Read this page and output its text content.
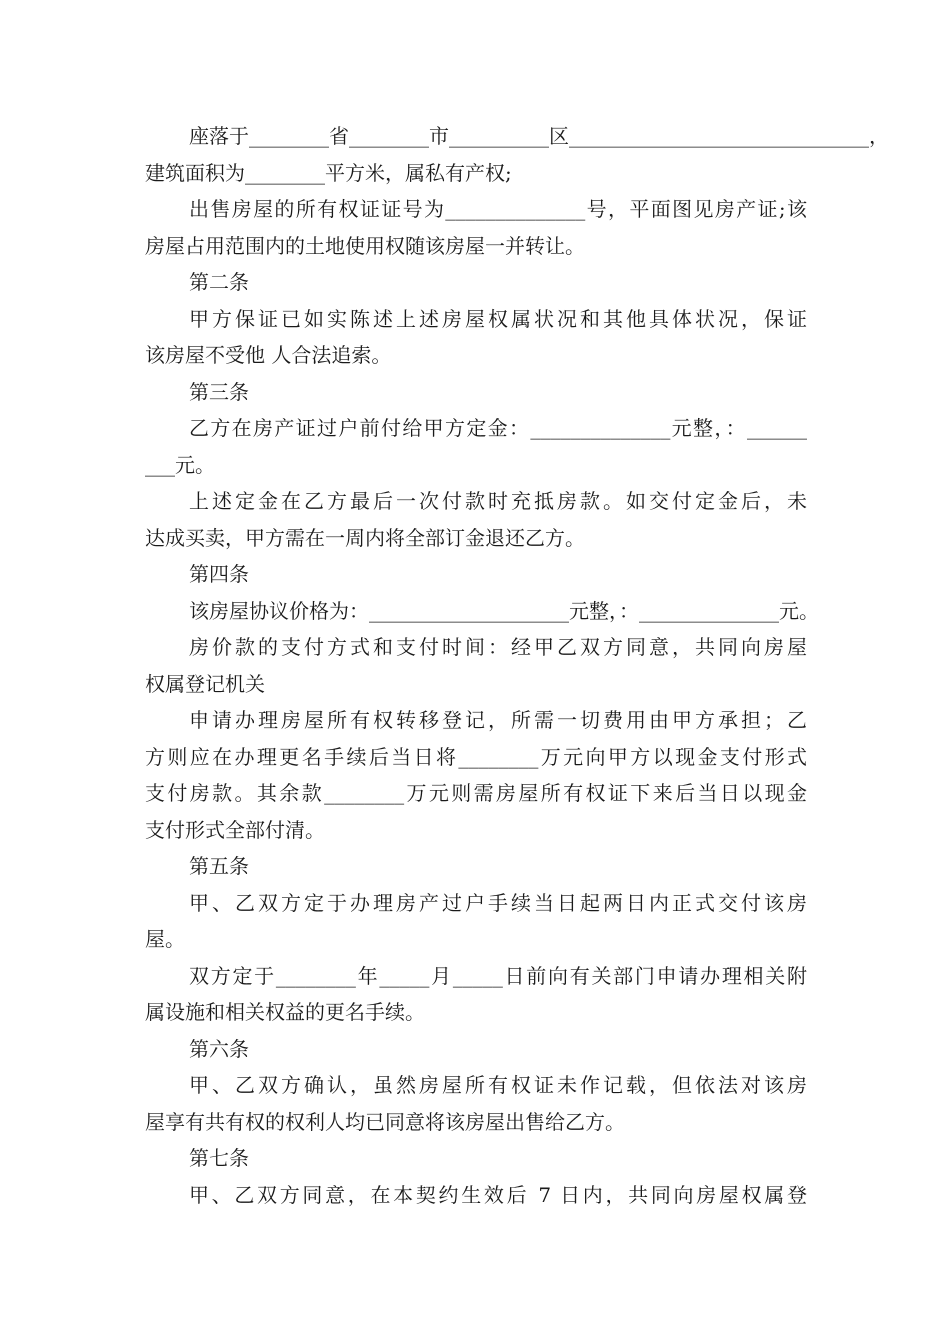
座落于________省________市__________区______________________________，
建筑面积为________平方米，属私有产权;
出售房屋的所有权证证号为______________号，平面图见房产证;该
房屋占用范围内的土地使用权随该房屋一并转让。
第二条
甲方保证已如实陈述上述房屋权属状况和其他具体状况，保证
该房屋不受他 人合法追索。
第三条
乙方在房产证过户前付给甲方定金：______________元整，：______
___元。
上述定金在乙方最后一次付款时充抵房款。如交付定金后，未
达成买卖，甲方需在一周内将全部订金退还乙方。
第四条
该房屋协议价格为：____________________元整，：______________元。
房价款的支付方式和支付时间：经甲乙双方同意，共同向房屋
权属登记机关
申请办理房屋所有权转移登记，所需一切费用由甲方承担；乙
方则应在办理更名手续后当日将________万元向甲方以现金支付形式
支付房款。其余款________万元则需房屋所有权证下来后当日以现金
支付形式全部付清。
第五条
甲、乙双方定于办理房产过户手续当日起两日内正式交付该房
屋。
双方定于________年_____月_____日前向有关部门申请办理相关附
属设施和相关权益的更名手续。
第六条
甲、乙双方确认，虽然房屋所有权证未作记载，但依法对该房
屋享有共有权的权利人均已同意将该房屋出售给乙方。
第七条
甲、乙双方同意，在本契约生效后 7 日内，共同向房屋权属登
